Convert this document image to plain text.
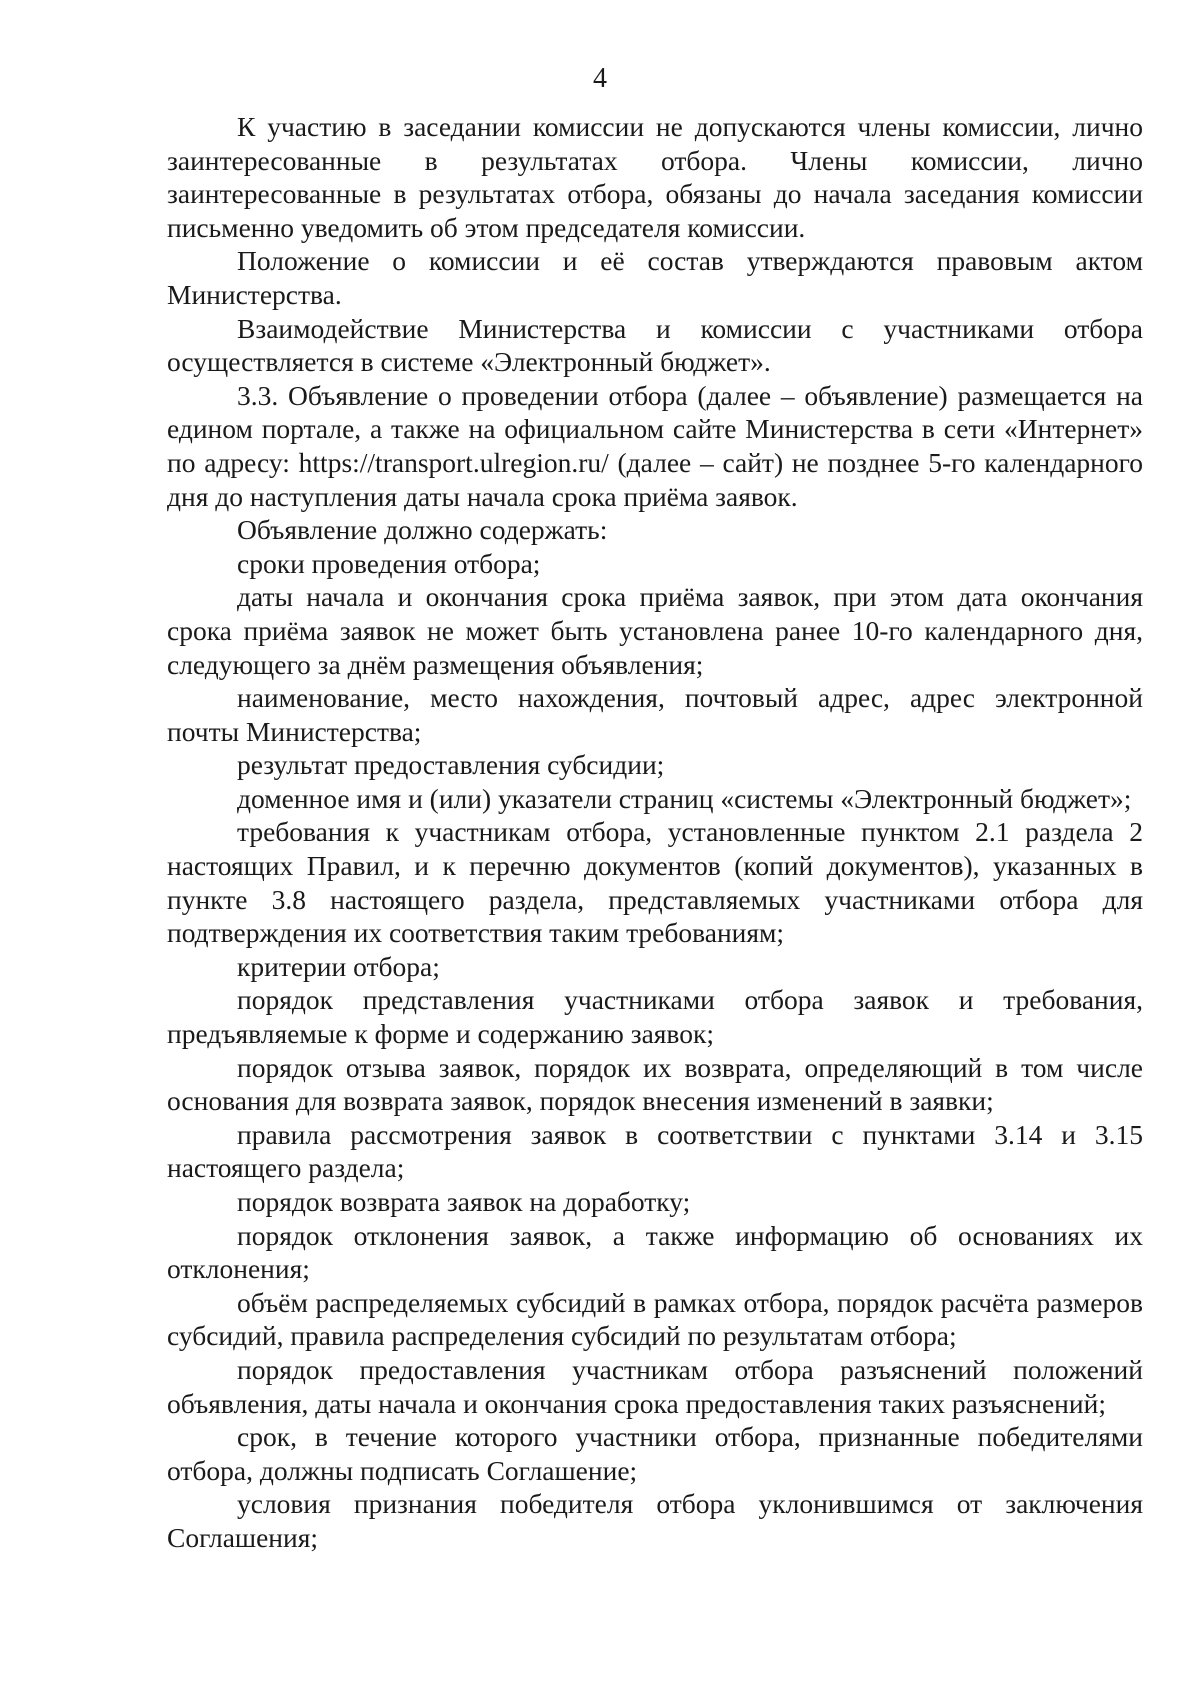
4

К участию в заседании комиссии не допускаются члены комиссии, лично заинтересованные в результатах отбора. Члены комиссии, лично заинтересованные в результатах отбора, обязаны до начала заседания комиссии письменно уведомить об этом председателя комиссии.

Положение о комиссии и её состав утверждаются правовым актом Министерства.

Взаимодействие Министерства и комиссии с участниками отбора осуществляется в системе «Электронный бюджет».

3.3. Объявление о проведении отбора (далее – объявление) размещается на едином портале, а также на официальном сайте Министерства в сети «Интернет» по адресу: https://transport.ulregion.ru/ (далее – сайт) не позднее 5-го календарного дня до наступления даты начала срока приёма заявок.

Объявление должно содержать:

сроки проведения отбора;

даты начала и окончания срока приёма заявок, при этом дата окончания срока приёма заявок не может быть установлена ранее 10-го календарного дня, следующего за днём размещения объявления;

наименование, место нахождения, почтовый адрес, адрес электронной почты Министерства;

результат предоставления субсидии;

доменное имя и (или) указатели страниц «системы «Электронный бюджет»;

требования к участникам отбора, установленные пунктом 2.1 раздела 2 настоящих Правил, и к перечню документов (копий документов), указанных в пункте 3.8 настоящего раздела, представляемых участниками отбора для подтверждения их соответствия таким требованиям;

критерии отбора;

порядок представления участниками отбора заявок и требования, предъявляемые к форме и содержанию заявок;

порядок отзыва заявок, порядок их возврата, определяющий в том числе основания для возврата заявок, порядок внесения изменений в заявки;

правила рассмотрения заявок в соответствии с пунктами 3.14 и 3.15 настоящего раздела;

порядок возврата заявок на доработку;

порядок отклонения заявок, а также информацию об основаниях их отклонения;

объём распределяемых субсидий в рамках отбора, порядок расчёта размеров субсидий, правила распределения субсидий по результатам отбора;

порядок предоставления участникам отбора разъяснений положений объявления, даты начала и окончания срока предоставления таких разъяснений;

срок, в течение которого участники отбора, признанные победителями отбора, должны подписать Соглашение;

условия признания победителя отбора уклонившимся от заключения Соглашения;
